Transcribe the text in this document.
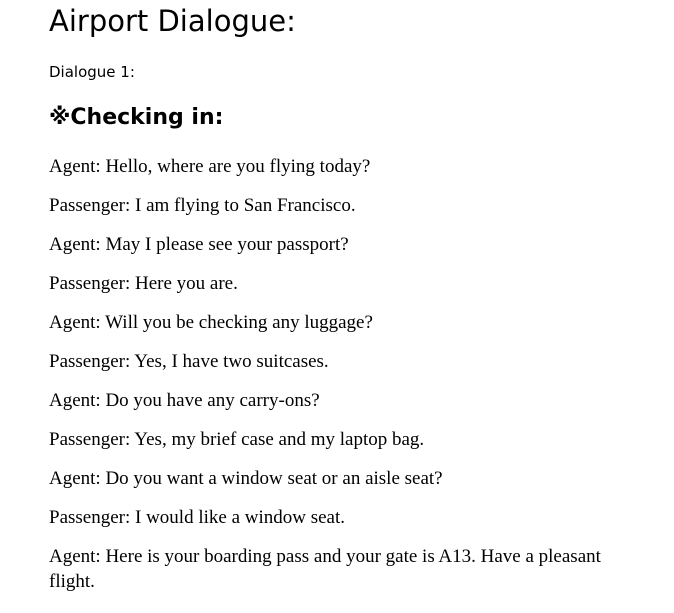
Airport Dialogue:
Dialogue 1:
※Checking in:
Agent: Hello, where are you flying today?
Passenger: I am flying to San Francisco.
Agent: May I please see your passport?
Passenger: Here you are.
Agent: Will you be checking any luggage?
Passenger: Yes, I have two suitcases.
Agent: Do you have any carry-ons?
Passenger: Yes, my brief case and my laptop bag.
Agent: Do you want a window seat or an aisle seat?
Passenger: I would like a window seat.
Agent: Here is your boarding pass and your gate is A13. Have a pleasant flight.
